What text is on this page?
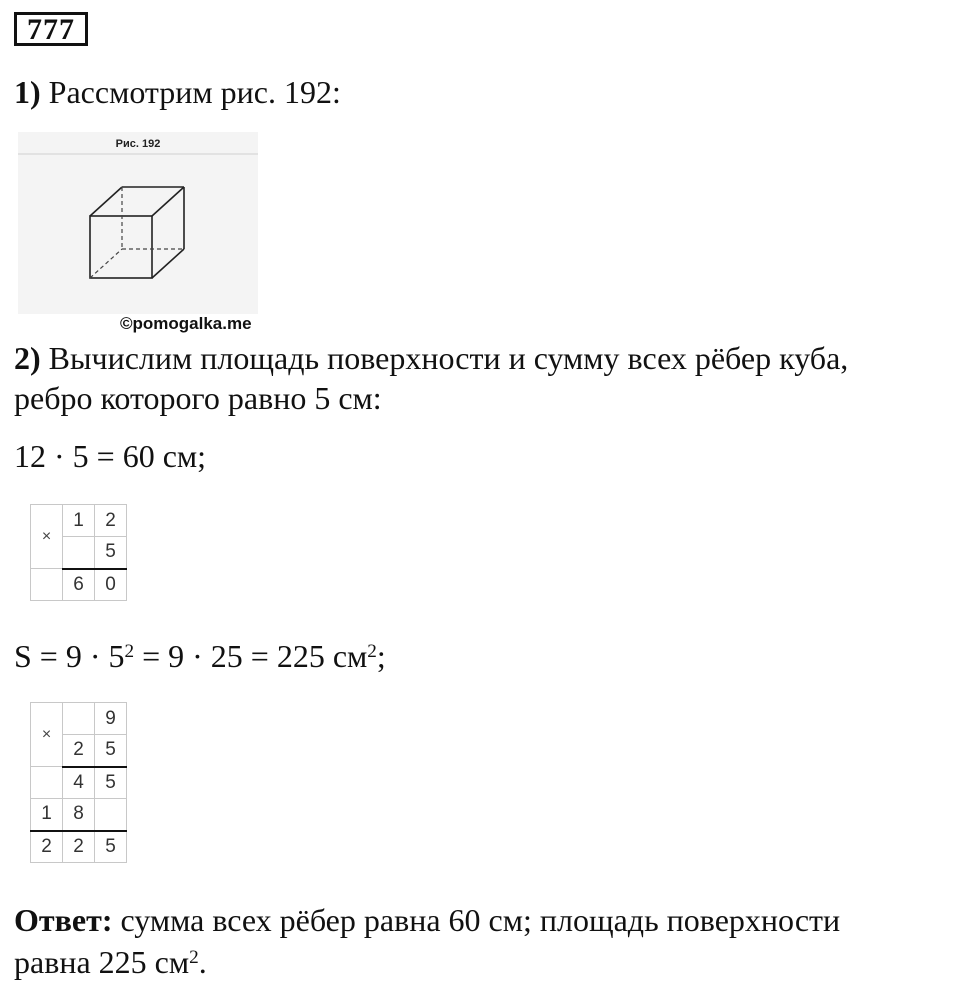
777
1) Рассмотрим рис. 192:
Рис. 192
©pomogalka.me
2) Вычислим площадь поверхности и сумму всех рёбер куба,
ребро которого равно 5 см:
12 · 5 = 60 см;
×	1	2
		5
	6	0
$S = 9 \cdot 5^2 = 9 \cdot 25 = 225$ $см^2$;
×		9
	2	5
	4	5
1	8	
2	2	5
Ответ: сумма всех рёбер равна 60 см; площадь поверхности
равна 225 $см^2$.
